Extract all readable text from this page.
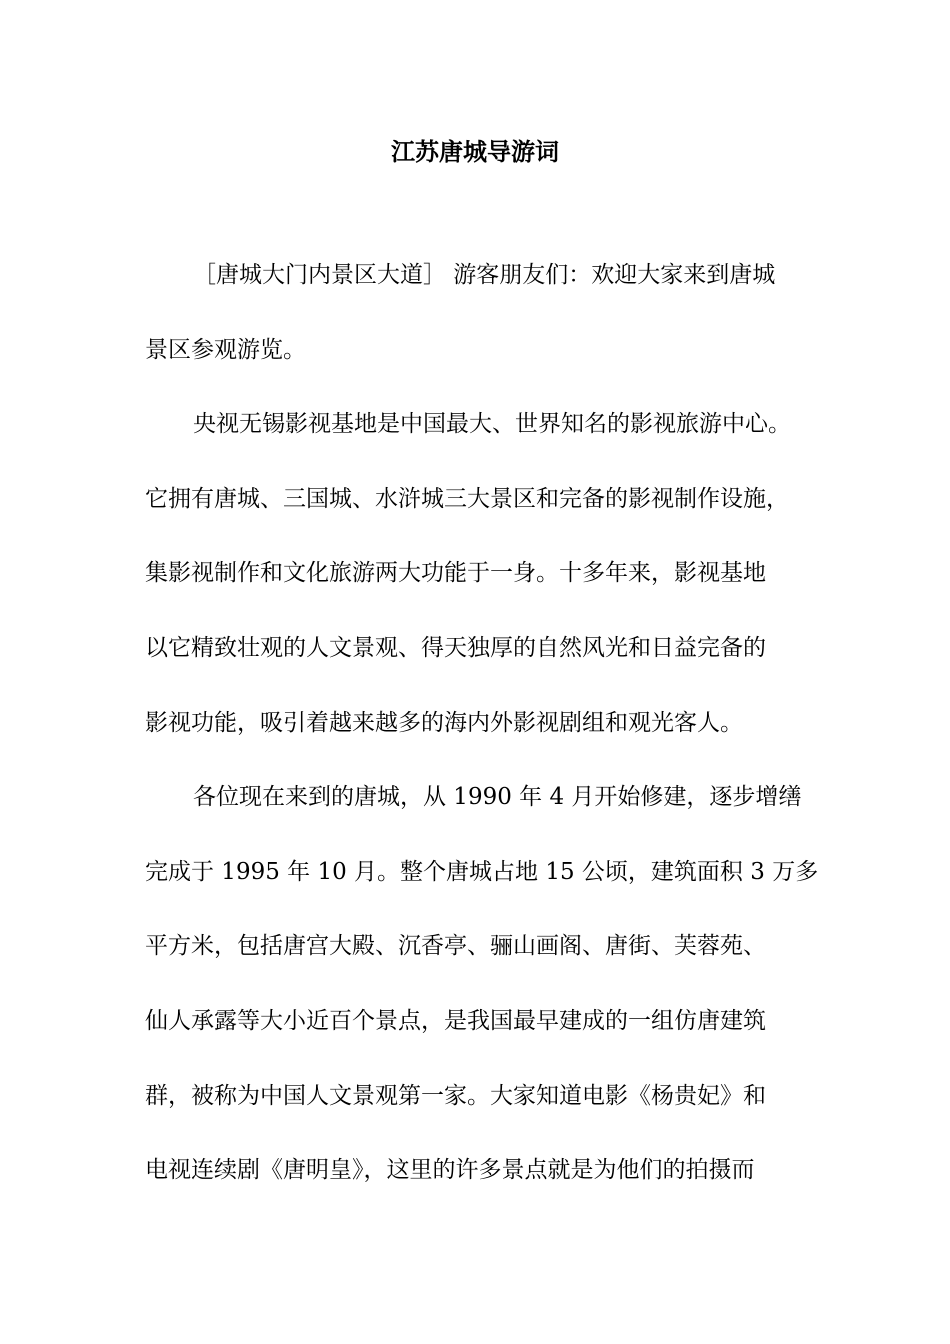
江苏唐城导游词
［唐城大门内景区大道］ 游客朋友们：欢迎大家来到唐城
景区参观游览。
央视无锡影视基地是中国最大、世界知名的影视旅游中心。
它拥有唐城、三国城、水浒城三大景区和完备的影视制作设施，
集影视制作和文化旅游两大功能于一身。十多年来，影视基地
以它精致壮观的人文景观、得天独厚的自然风光和日益完备的
影视功能，吸引着越来越多的海内外影视剧组和观光客人。
各位现在来到的唐城，从 1990 年 4 月开始修建，逐步增缮
完成于 1995 年 10 月。整个唐城占地 15 公顷，建筑面积 3 万多
平方米，包括唐宫大殿、沉香亭、骊山画阁、唐街、芙蓉苑、
仙人承露等大小近百个景点，是我国最早建成的一组仿唐建筑
群，被称为中国人文景观第一家。大家知道电影《杨贵妃》和
电视连续剧《唐明皇》，这里的许多景点就是为他们的拍摄而
